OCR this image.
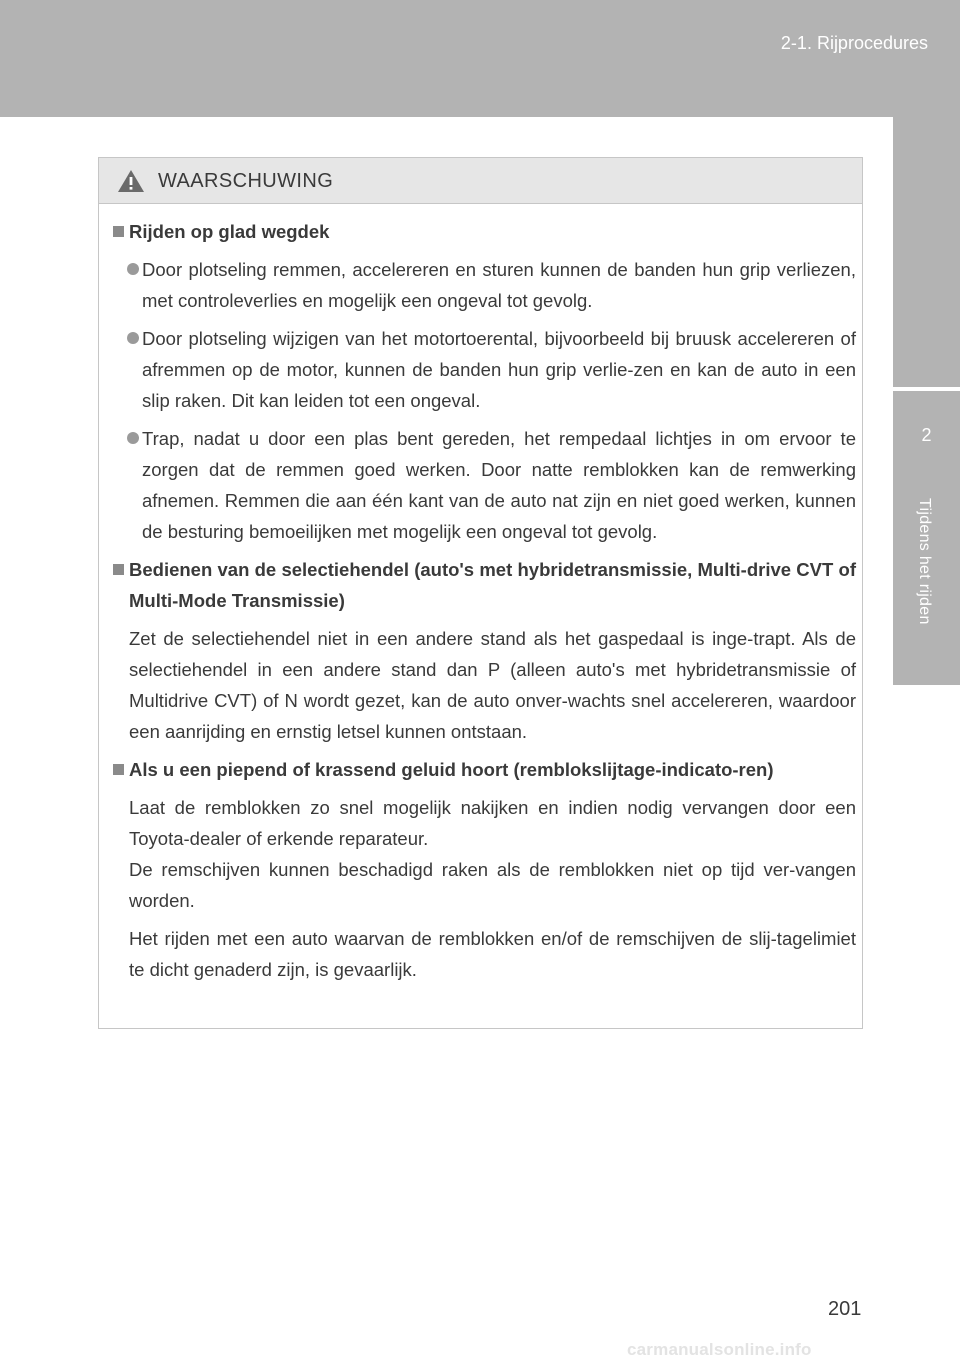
2-1. Rijprocedures
2
Tijdens het rijden
WAARSCHUWING
Rijden op glad wegdek
Door plotseling remmen, accelereren en sturen kunnen de banden hun grip verliezen, met controleverlies en mogelijk een ongeval tot gevolg.
Door plotseling wijzigen van het motortoerental, bijvoorbeeld bij bruusk accelereren of afremmen op de motor, kunnen de banden hun grip verlie-zen en kan de auto in een slip raken. Dit kan leiden tot een ongeval.
Trap, nadat u door een plas bent gereden, het rempedaal lichtjes in om ervoor te zorgen dat de remmen goed werken. Door natte remblokken kan de remwerking afnemen. Remmen die aan één kant van de auto nat zijn en niet goed werken, kunnen de besturing bemoeilijken met mogelijk een ongeval tot gevolg.
Bedienen van de selectiehendel (auto's met hybridetransmissie, Multi-drive CVT of Multi-Mode Transmissie)
Zet de selectiehendel niet in een andere stand als het gaspedaal is inge-trapt. Als de selectiehendel in een andere stand dan P (alleen auto's met hybridetransmissie of Multidrive CVT) of N wordt gezet, kan de auto onver-wachts snel accelereren, waardoor een aanrijding en ernstig letsel kunnen ontstaan.
Als u een piepend of krassend geluid hoort (remblokslijtage-indicato-ren)
Laat de remblokken zo snel mogelijk nakijken en indien nodig vervangen door een Toyota-dealer of erkende reparateur.
De remschijven kunnen beschadigd raken als de remblokken niet op tijd ver-vangen worden.
Het rijden met een auto waarvan de remblokken en/of de remschijven de slij-tagelimiet te dicht genaderd zijn, is gevaarlijk.
201
carmanualsonline.info
